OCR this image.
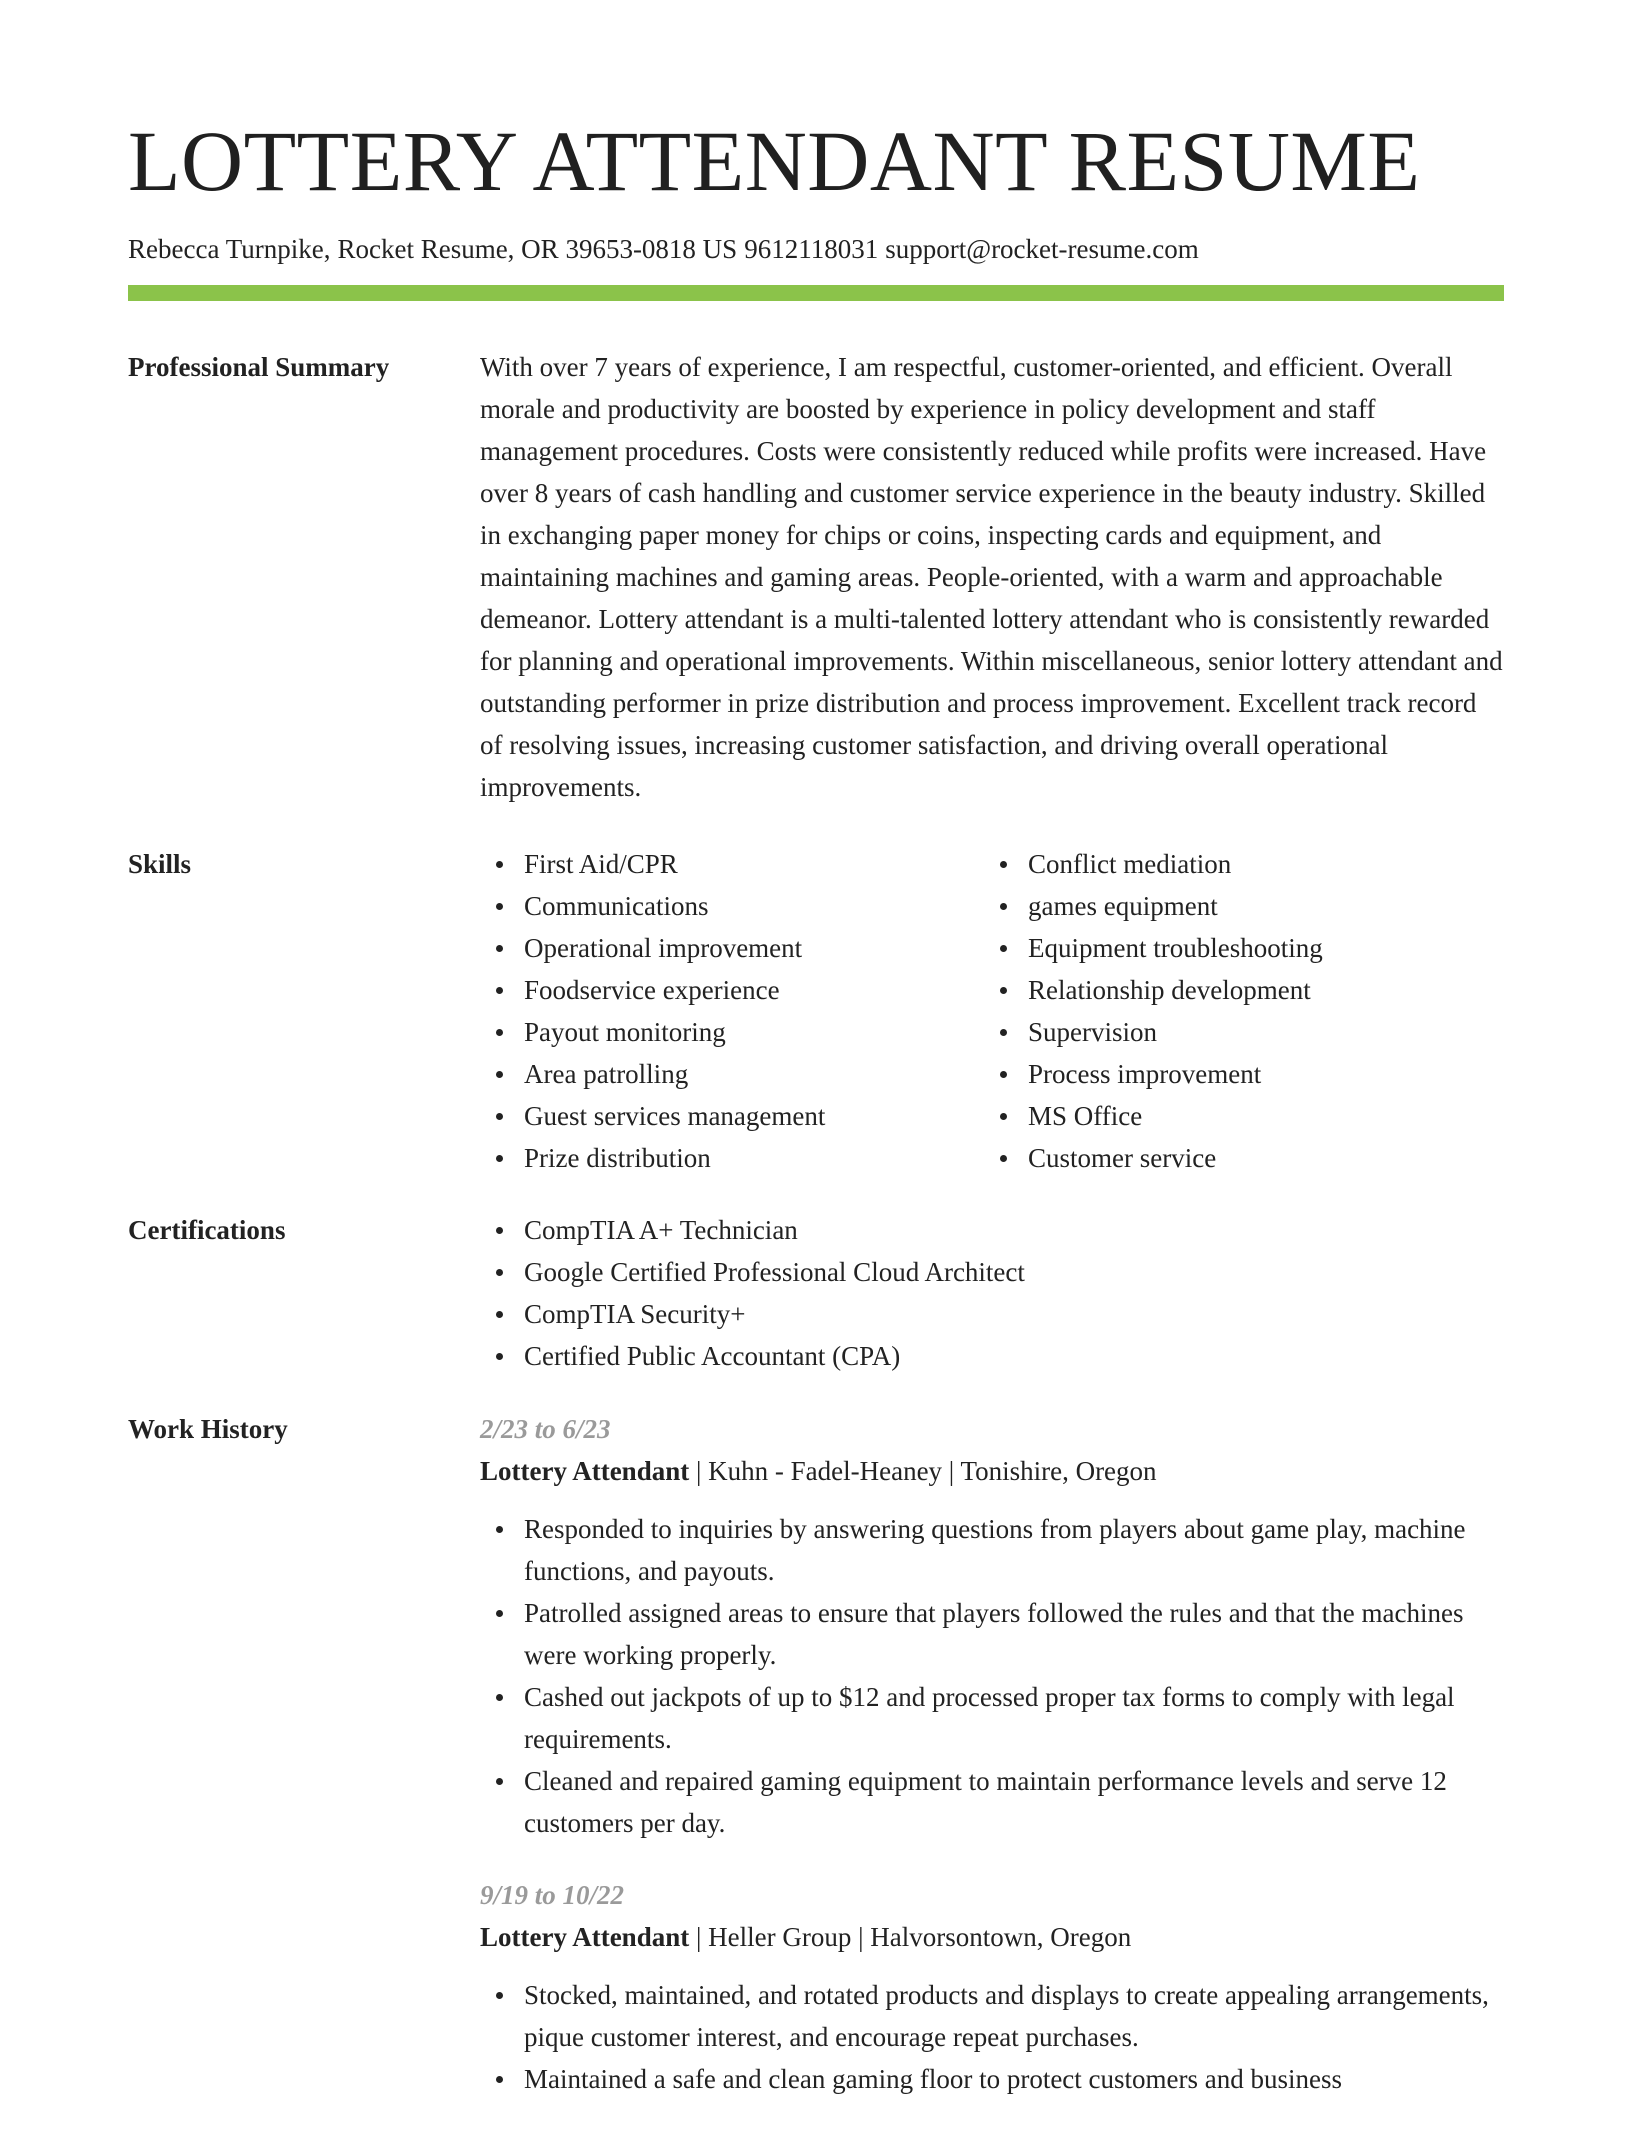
LOTTERY ATTENDANT RESUME
Rebecca Turnpike, Rocket Resume, OR 39653-0818 US 9612118031 support@rocket-resume.com
Professional Summary	With over 7 years of experience, I am respectful, customer-oriented, and efficient. Overall morale and productivity are boosted by experience in policy development and staff management procedures. Costs were consistently reduced while profits were increased. Have over 8 years of cash handling and customer service experience in the beauty industry. Skilled in exchanging paper money for chips or coins, inspecting cards and equipment, and maintaining machines and gaming areas. People-oriented, with a warm and approachable demeanor. Lottery attendant is a multi-talented lottery attendant who is consistently rewarded for planning and operational improvements. Within miscellaneous, senior lottery attendant and outstanding performer in prize distribution and process improvement. Excellent track record of resolving issues, increasing customer satisfaction, and driving overall operational improvements.

Skills	First Aid/CPR
Communications
Operational improvement
Foodservice experience
Payout monitoring
Area patrolling
Guest services management
Prize distribution
Conflict mediation
games equipment
Equipment troubleshooting
Relationship development
Supervision
Process improvement
MS Office
Customer service
Certifications	CompTIA A+ Technician
Google Certified Professional Cloud Architect
CompTIA Security+
Certified Public Accountant (CPA)
Work History	2/23 to 6/23
Lottery Attendant | Kuhn - Fadel-Heaney | Tonishire, Oregon
Responded to inquiries by answering questions from players about game play, machine functions, and payouts.
Patrolled assigned areas to ensure that players followed the rules and that the machines were working properly.
Cashed out jackpots of up to $12 and processed proper tax forms to comply with legal requirements.
Cleaned and repaired gaming equipment to maintain performance levels and serve 12 customers per day.
9/19 to 10/22
Lottery Attendant | Heller Group | Halvorsontown, Oregon
Stocked, maintained, and rotated products and displays to create appealing arrangements, pique customer interest, and encourage repeat purchases.
Maintained a safe and clean gaming floor to protect customers and business
